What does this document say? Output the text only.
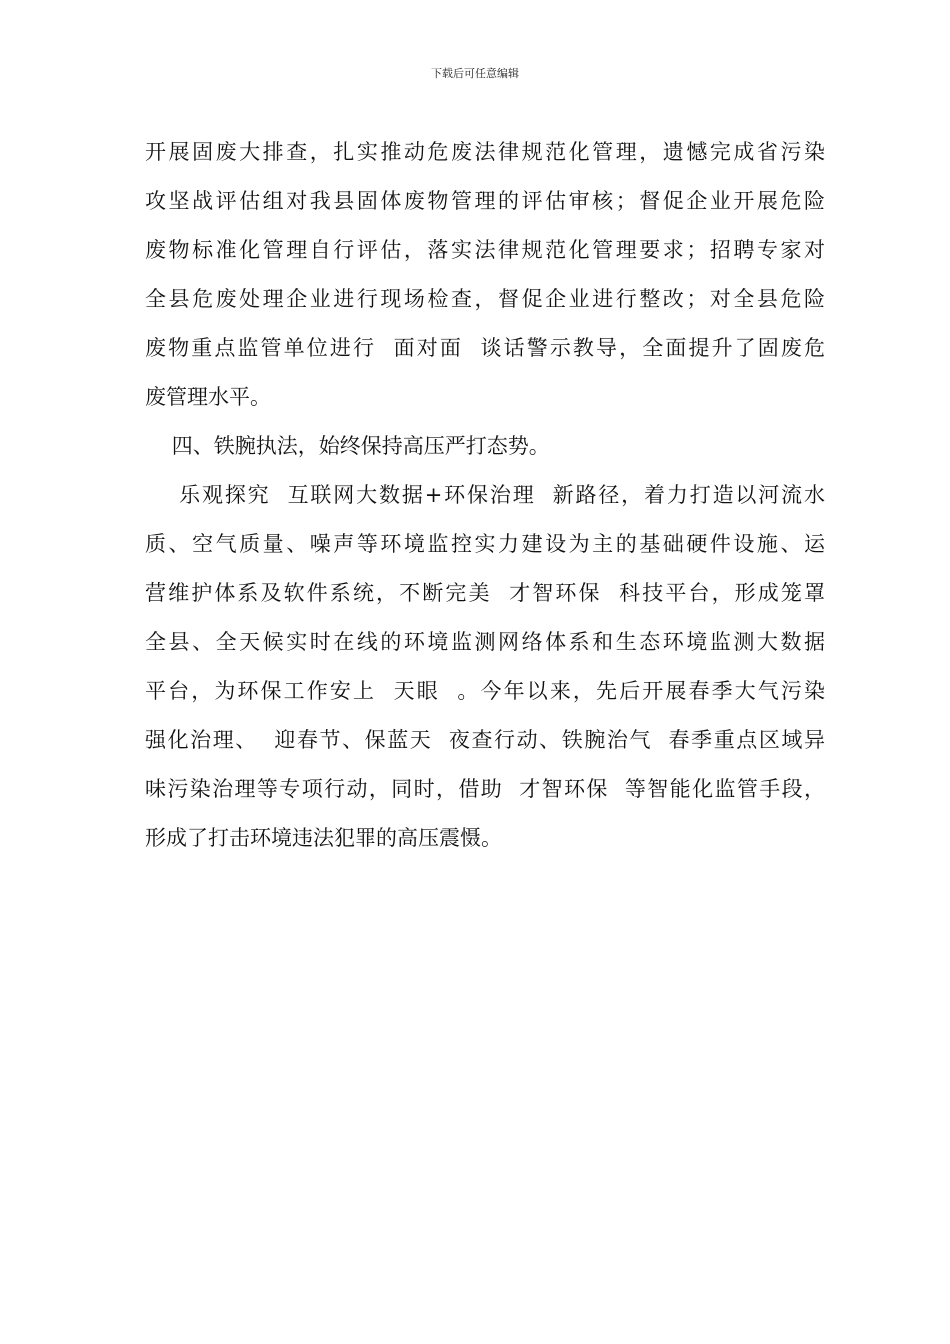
下载后可任意编辑
开展固废大排查，扎实推动危废法律规范化管理，遗憾完成省污染
攻坚战评估组对我县固体废物管理的评估审核；督促企业开展危险
废物标准化管理自行评估，落实法律规范化管理要求；招聘专家对
全县危废处理企业进行现场检查，督促企业进行整改；对全县危险
废物重点监管单位进行  面对面  谈话警示教导，全面提升了固废危
废管理水平。
四、铁腕执法，始终保持高压严打态势。
乐观探究  互联网大数据+环保治理  新路径，着力打造以河流水
质、空气质量、噪声等环境监控实力建设为主的基础硬件设施、运
营维护体系及软件系统，不断完美  才智环保  科技平台，形成笼罩
全县、全天候实时在线的环境监测网络体系和生态环境监测大数据
平台，为环保工作安上  天眼  。今年以来，先后开展春季大气污染
强化治理、  迎春节、保蓝天  夜查行动、铁腕治气  春季重点区域异
味污染治理等专项行动，同时，借助  才智环保  等智能化监管手段，
形成了打击环境违法犯罪的高压震慑。
